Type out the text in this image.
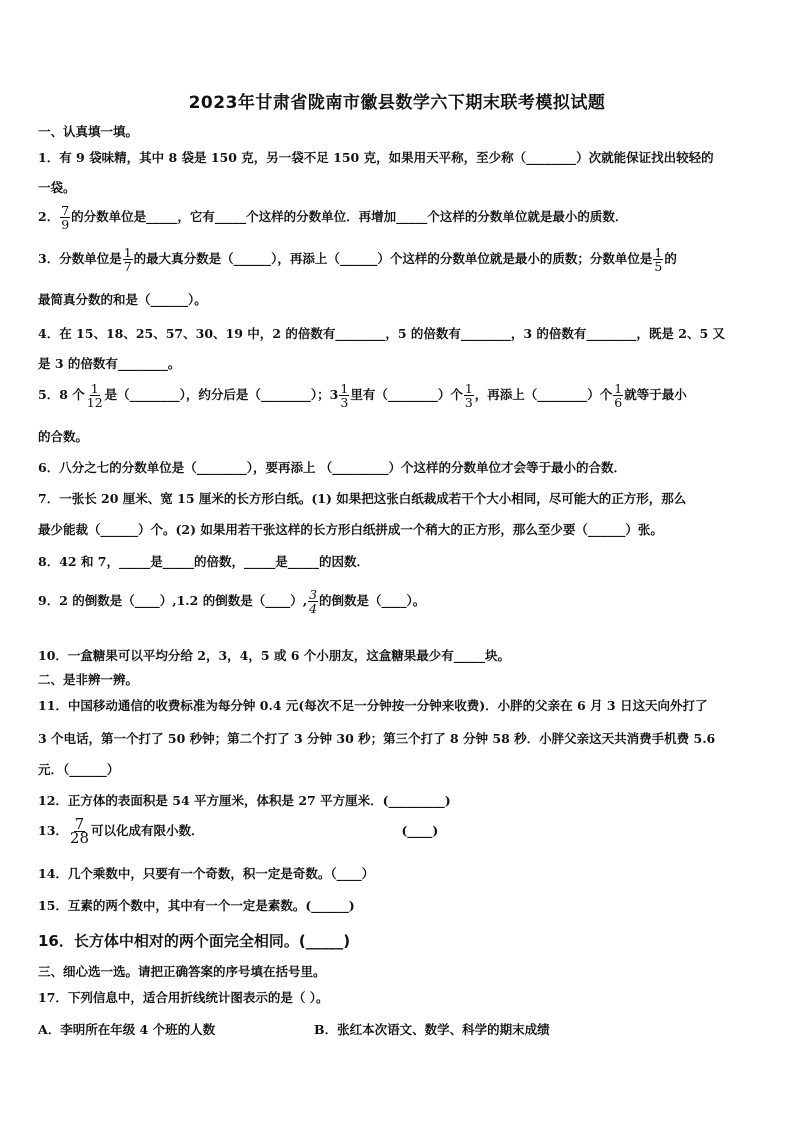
2023年甘肃省陇南市徽县数学六下期末联考模拟试题
一、认真填一填。
1．有 9 袋味精，其中 8 袋是 150 克，另一袋不足 150 克，如果用天平称，至少称（________）次就能保证找出较轻的
一袋。
2． $\frac{7}{9}$ 的分数单位是_____，它有_____个这样的分数单位．再增加_____个这样的分数单位就是最小的质数．
3．分数单位是 $\frac{1}{7}$ 的最大真分数是（______），再添上（______）个这样的分数单位就是最小的质数；分数单位是 $\frac{1}{5}$ 的
最简真分数的和是（______）。
4．在 15、18、25、57、30、19 中，2 的倍数有________，5 的倍数有________，3 的倍数有________，既是 2、5 又
是 3 的倍数有________。
5．8 个 $\frac{1}{12}$ 是（________），约分后是（________）；$3 \frac{1}{3}$ 里有（________）个 $\frac{1}{3}$ ，再添上（________）个 $\frac{1}{6}$ 就等于最小
的合数。
6．八分之七的分数单位是（________），要再添上 （_________）个这样的分数单位才会等于最小的合数．
7．一张长 20 厘米、宽 15 厘米的长方形白纸。(1) 如果把这张白纸裁成若干个大小相同，尽可能大的正方形，那么
最少能裁（______）个。(2) 如果用若干张这样的长方形白纸拼成一个稍大的正方形，那么至少要（______）张。
8．42 和 7，_____是_____的倍数，_____是_____的因数．
9．2 的倒数是（____）,1.2 的倒数是（____）, $\frac{3}{4}$ 的倒数是（____）。
10．一盒糖果可以平均分给 2，3，4，5 或 6 个小朋友，这盒糖果最少有_____块。
二、是非辨一辨。
11．中国移动通信的收费标准为每分钟 0.4 元(每次不足一分钟按一分钟来收费)．小胖的父亲在 6 月 3 日这天向外打了
3 个电话，第一个打了 50 秒钟；第二个打了 3 分钟 30 秒；第三个打了 8 分钟 58 秒．小胖父亲这天共消费手机费 5.6
元．（______）
12．正方体的表面积是 54 平方厘米，体积是 27 平方厘米．(_________)
13． $\frac{7}{28}$ 可以化成有限小数．	(____)
14．几个乘数中，只要有一个奇数，积一定是奇数。（____）
15．互素的两个数中，其中有一个一定是素数。(______)
16．长方体中相对的两个面完全相同。(_____)
三、细心选一选。请把正确答案的序号填在括号里。
17．下列信息中，适合用折线统计图表示的是（ ）。
A．李明所在年级 4 个班的人数	B．张红本次语文、数学、科学的期末成绩
